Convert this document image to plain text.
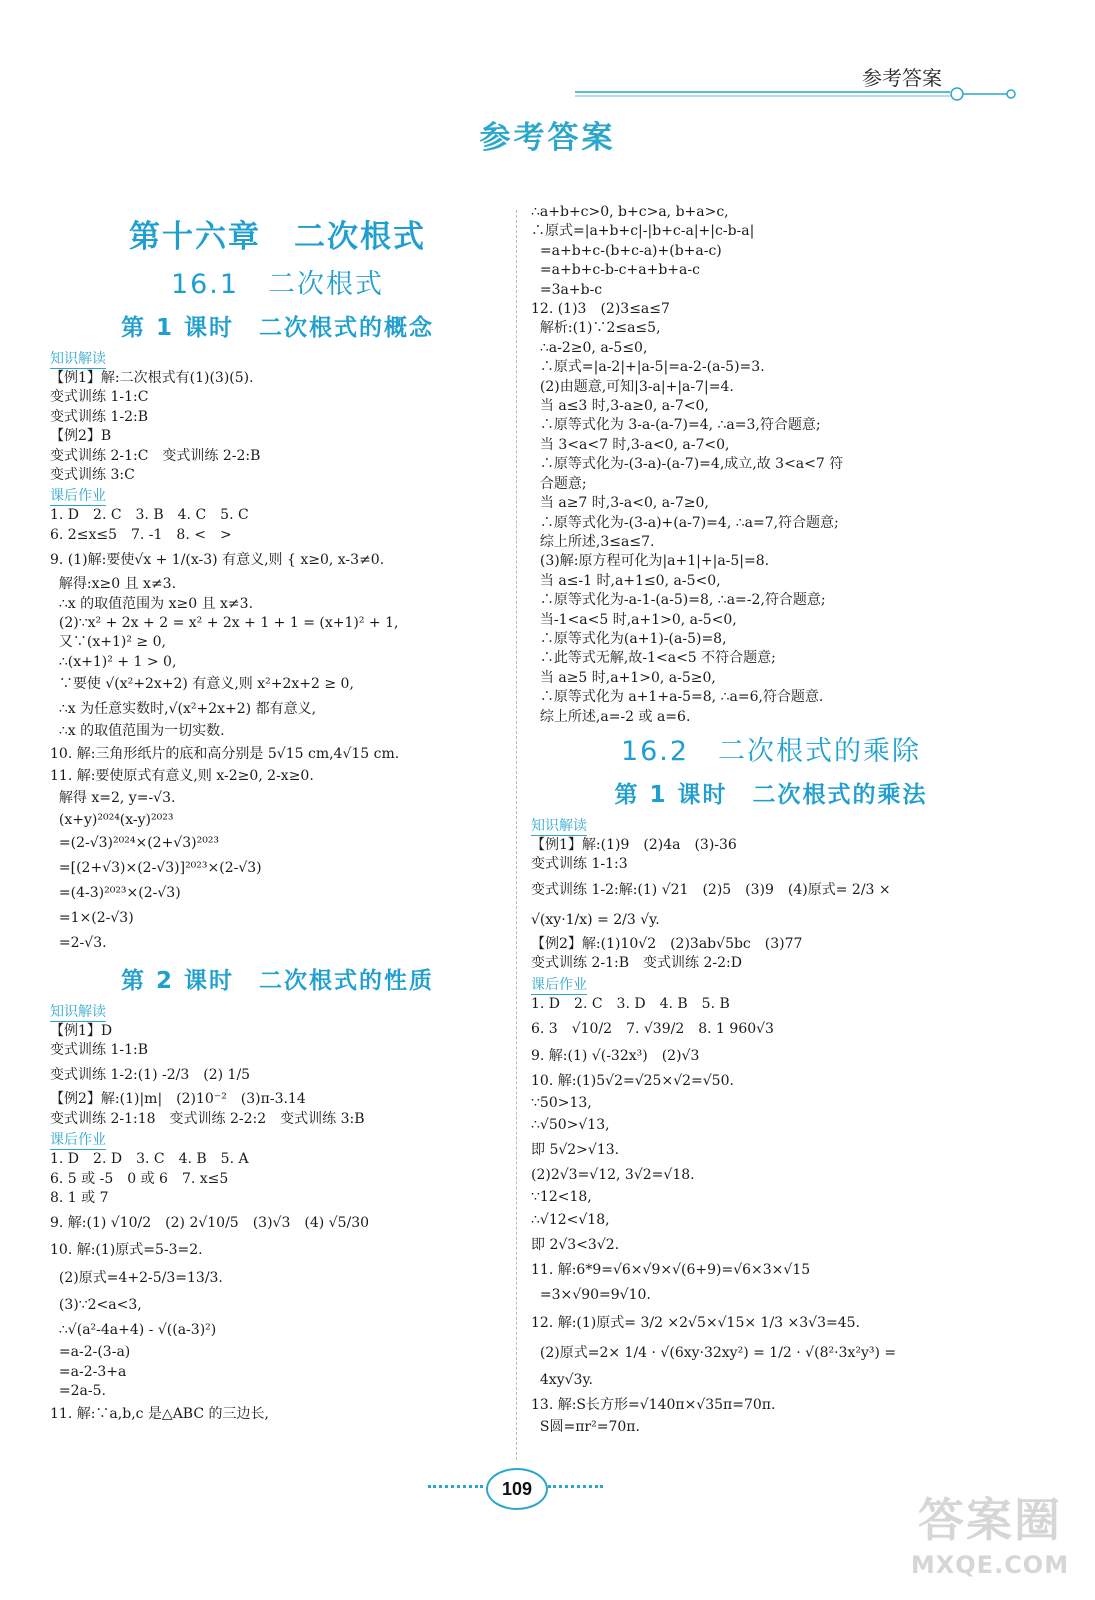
参考答案
参考答案
第十六章　二次根式
16.1　二次根式
第 1 课时　二次根式的概念
知识解读
【例1】解:二次根式有(1)(3)(5).
变式训练 1-1:C
变式训练 1-2:B
【例2】B
变式训练 2-1:C　变式训练 2-2:B
变式训练 3:C
课后作业
1. D　2. C　3. B　4. C　5. C
6. 2≤x≤5　7. -1　8. <　>
9. (1)解:要使√x + 1/(x-3) 有意义,则 { x≥0, x-3≠0.
解得:x≥0 且 x≠3.
∴x 的取值范围为 x≥0 且 x≠3.
(2)∵x² + 2x + 2 = x² + 2x + 1 + 1 = (x+1)² + 1,
又∵(x+1)² ≥ 0,
∴(x+1)² + 1 > 0,
∵要使 √(x²+2x+2) 有意义,则 x²+2x+2 ≥ 0,
∴x 为任意实数时,√(x²+2x+2) 都有意义,
∴x 的取值范围为一切实数.
10. 解:三角形纸片的底和高分别是 5√15 cm,4√15 cm.
11. 解:要使原式有意义,则 x-2≥0, 2-x≥0.
解得 x=2, y=-√3.
(x+y)²⁰²⁴(x-y)²⁰²³
=(2-√3)²⁰²⁴×(2+√3)²⁰²³
=[(2+√3)×(2-√3)]²⁰²³×(2-√3)
=(4-3)²⁰²³×(2-√3)
=1×(2-√3)
=2-√3.
第 2 课时　二次根式的性质
知识解读
【例1】D
变式训练 1-1:B
变式训练 1-2:(1) -2/3　(2) 1/5
【例2】解:(1)|m|　(2)10⁻²　(3)π-3.14
变式训练 2-1:18　变式训练 2-2:2　变式训练 3:B
课后作业
1. D　2. D　3. C　4. B　5. A
6. 5 或 -5　0 或 6　7. x≤5
8. 1 或 7
9. 解:(1) √10/2　(2) 2√10/5　(3)√3　(4) √5/30
10. 解:(1)原式=5-3=2.
(2)原式=4+2-5/3=13/3.
(3)∵2<a<3,
∴√(a²-4a+4) - √((a-3)²)
=a-2-(3-a)
=a-2-3+a
=2a-5.
11. 解:∵a,b,c 是△ABC 的三边长,
∴a+b+c>0, b+c>a, b+a>c,
∴原式=|a+b+c|-|b+c-a|+|c-b-a|
=a+b+c-(b+c-a)+(b+a-c)
=a+b+c-b-c+a+b+a-c
=3a+b-c
12. (1)3　(2)3≤a≤7
解析:(1)∵2≤a≤5,
∴a-2≥0, a-5≤0,
∴原式=|a-2|+|a-5|=a-2-(a-5)=3.
(2)由题意,可知|3-a|+|a-7|=4.
当 a≤3 时,3-a≥0, a-7<0,
∴原等式化为 3-a-(a-7)=4, ∴a=3,符合题意;
当 3<a<7 时,3-a<0, a-7<0,
∴原等式化为-(3-a)-(a-7)=4,成立,故 3<a<7 符
合题意;
当 a≥7 时,3-a<0, a-7≥0,
∴原等式化为-(3-a)+(a-7)=4, ∴a=7,符合题意;
综上所述,3≤a≤7.
(3)解:原方程可化为|a+1|+|a-5|=8.
当 a≤-1 时,a+1≤0, a-5<0,
∴原等式化为-a-1-(a-5)=8, ∴a=-2,符合题意;
当-1<a<5 时,a+1>0, a-5<0,
∴原等式化为(a+1)-(a-5)=8,
∴此等式无解,故-1<a<5 不符合题意;
当 a≥5 时,a+1>0, a-5≥0,
∴原等式化为 a+1+a-5=8, ∴a=6,符合题意.
综上所述,a=-2 或 a=6.
16.2　二次根式的乘除
第 1 课时　二次根式的乘法
知识解读
【例1】解:(1)9　(2)4a　(3)-36
变式训练 1-1:3
变式训练 1-2:解:(1) √21　(2)5　(3)9　(4)原式= 2/3 ×
√(xy·1/x) = 2/3 √y.
【例2】解:(1)10√2　(2)3ab√5bc　(3)77
变式训练 2-1:B　变式训练 2-2:D
课后作业
1. D　2. C　3. D　4. B　5. B
6. 3　√10/2　7. √39/2　8. 1 960√3
9. 解:(1) √(-32x³)　(2)√3
10. 解:(1)5√2=√25×√2=√50.
∵50>13,
∴√50>√13,
即 5√2>√13.
(2)2√3=√12, 3√2=√18.
∵12<18,
∴√12<√18,
即 2√3<3√2.
11. 解:6*9=√6×√9×√(6+9)=√6×3×√15
=3×√90=9√10.
12. 解:(1)原式= 3/2 ×2√5×√15× 1/3 ×3√3=45.
(2)原式=2× 1/4 · √(6xy·32xy²) = 1/2 · √(8²·3x²y³) =
4xy√3y.
13. 解:S长方形=√140π×√35π=70π.
S圆=πr²=70π.
109
答案圈
MXQE.COM
